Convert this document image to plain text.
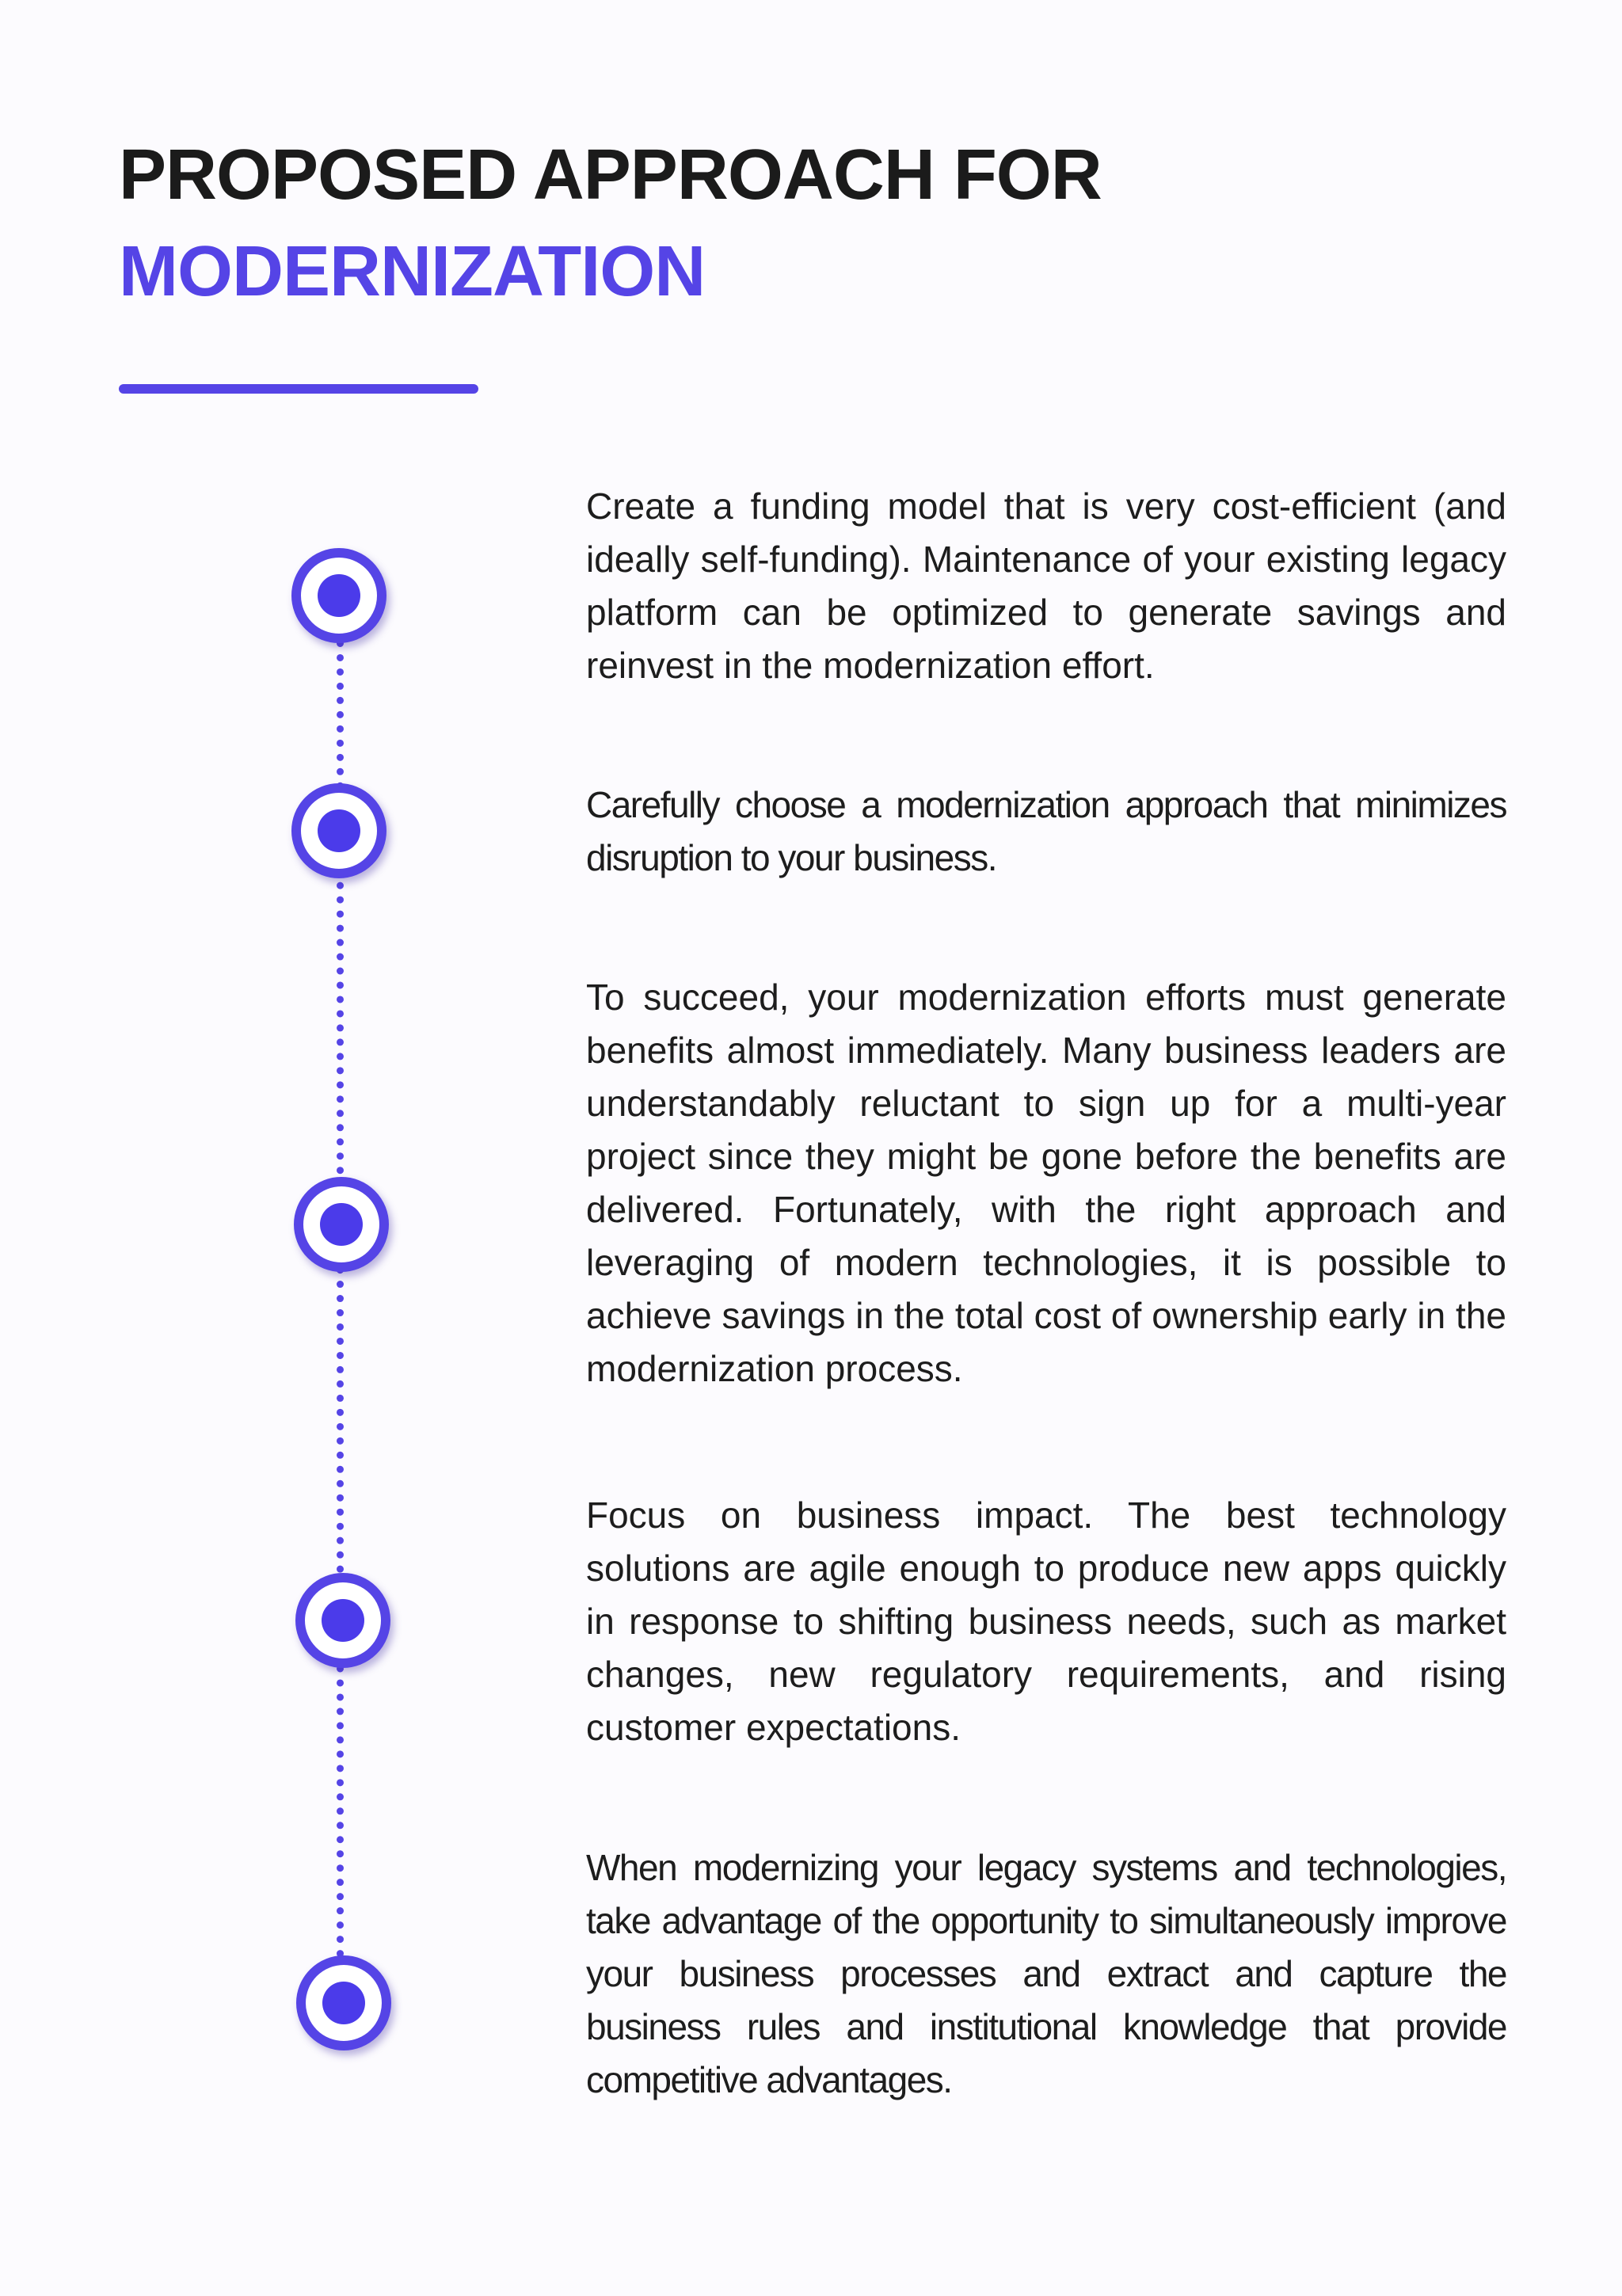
PROPOSED APPROACH FOR
MODERNIZATION

Create a funding model that is very cost-efficient (and ideally self-funding). Maintenance of your existing legacy platform can be optimized to generate savings and reinvest in the modernization effort.

Carefully choose a modernization approach that minimizes disruption to your business.

To succeed, your modernization efforts must generate benefits almost immediately. Many business leaders are understandably reluctant to sign up for a multi-year project since they might be gone before the benefits are delivered. Fortunately, with the right approach and leveraging of modern technologies, it is possible to achieve savings in the total cost of ownership early in the modernization process.

Focus on business impact. The best technology solutions are agile enough to produce new apps quickly in response to shifting business needs, such as market changes, new regulatory requirements, and rising customer expectations.

When modernizing your legacy systems and technologies, take advantage of the opportunity to simultaneously improve your business processes and extract and capture the business rules and institutional knowledge that provide competitive advantages.
